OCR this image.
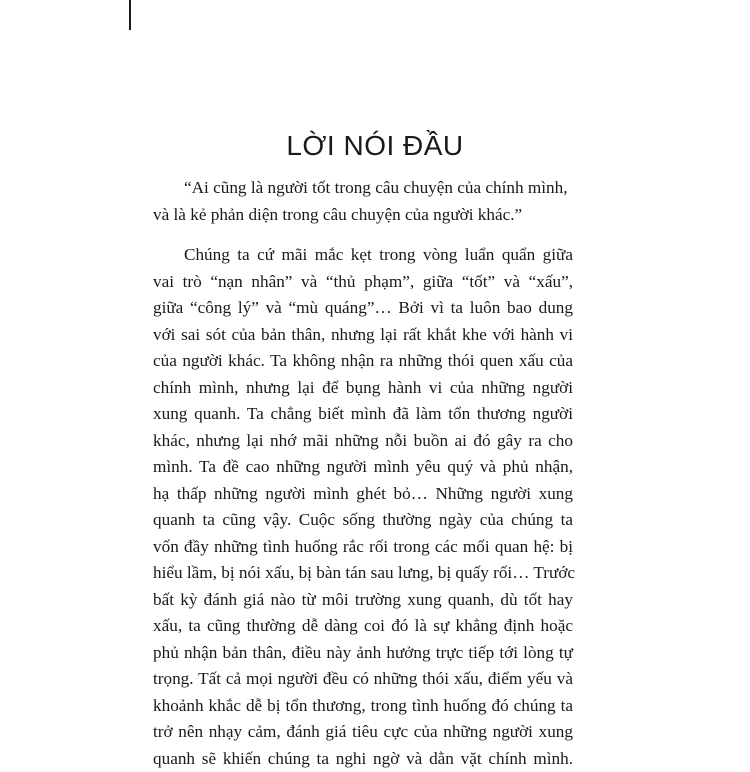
LỜI NÓI ĐẦU
“Ai cũng là người tốt trong câu chuyện của chính mình,
và là kẻ phản diện trong câu chuyện của người khác.”
Chúng ta cứ mãi mắc kẹt trong vòng luẩn quẩn giữa
vai trò “nạn nhân” và “thủ phạm”, giữa “tốt” và “xấu”,
giữa “công lý” và “mù quáng”… Bởi vì ta luôn bao dung
với sai sót của bản thân, nhưng lại rất khắt khe với hành vi
của người khác. Ta không nhận ra những thói quen xấu của
chính mình, nhưng lại để bụng hành vi của những người
xung quanh. Ta chẳng biết mình đã làm tổn thương người
khác, nhưng lại nhớ mãi những nỗi buồn ai đó gây ra cho
mình. Ta đề cao những người mình yêu quý và phủ nhận,
hạ thấp những người mình ghét bỏ… Những người xung
quanh ta cũng vậy. Cuộc sống thường ngày của chúng ta
vốn đầy những tình huống rắc rối trong các mối quan hệ: bị
hiểu lầm, bị nói xấu, bị bàn tán sau lưng, bị quấy rối… Trước
bất kỳ đánh giá nào từ môi trường xung quanh, dù tốt hay
xấu, ta cũng thường dễ dàng coi đó là sự khẳng định hoặc
phủ nhận bản thân, điều này ảnh hưởng trực tiếp tới lòng tự
trọng. Tất cả mọi người đều có những thói xấu, điểm yếu và
khoảnh khắc dễ bị tổn thương, trong tình huống đó chúng ta
trở nên nhạy cảm, đánh giá tiêu cực của những người xung
quanh sẽ khiến chúng ta nghi ngờ và dằn vặt chính mình.
